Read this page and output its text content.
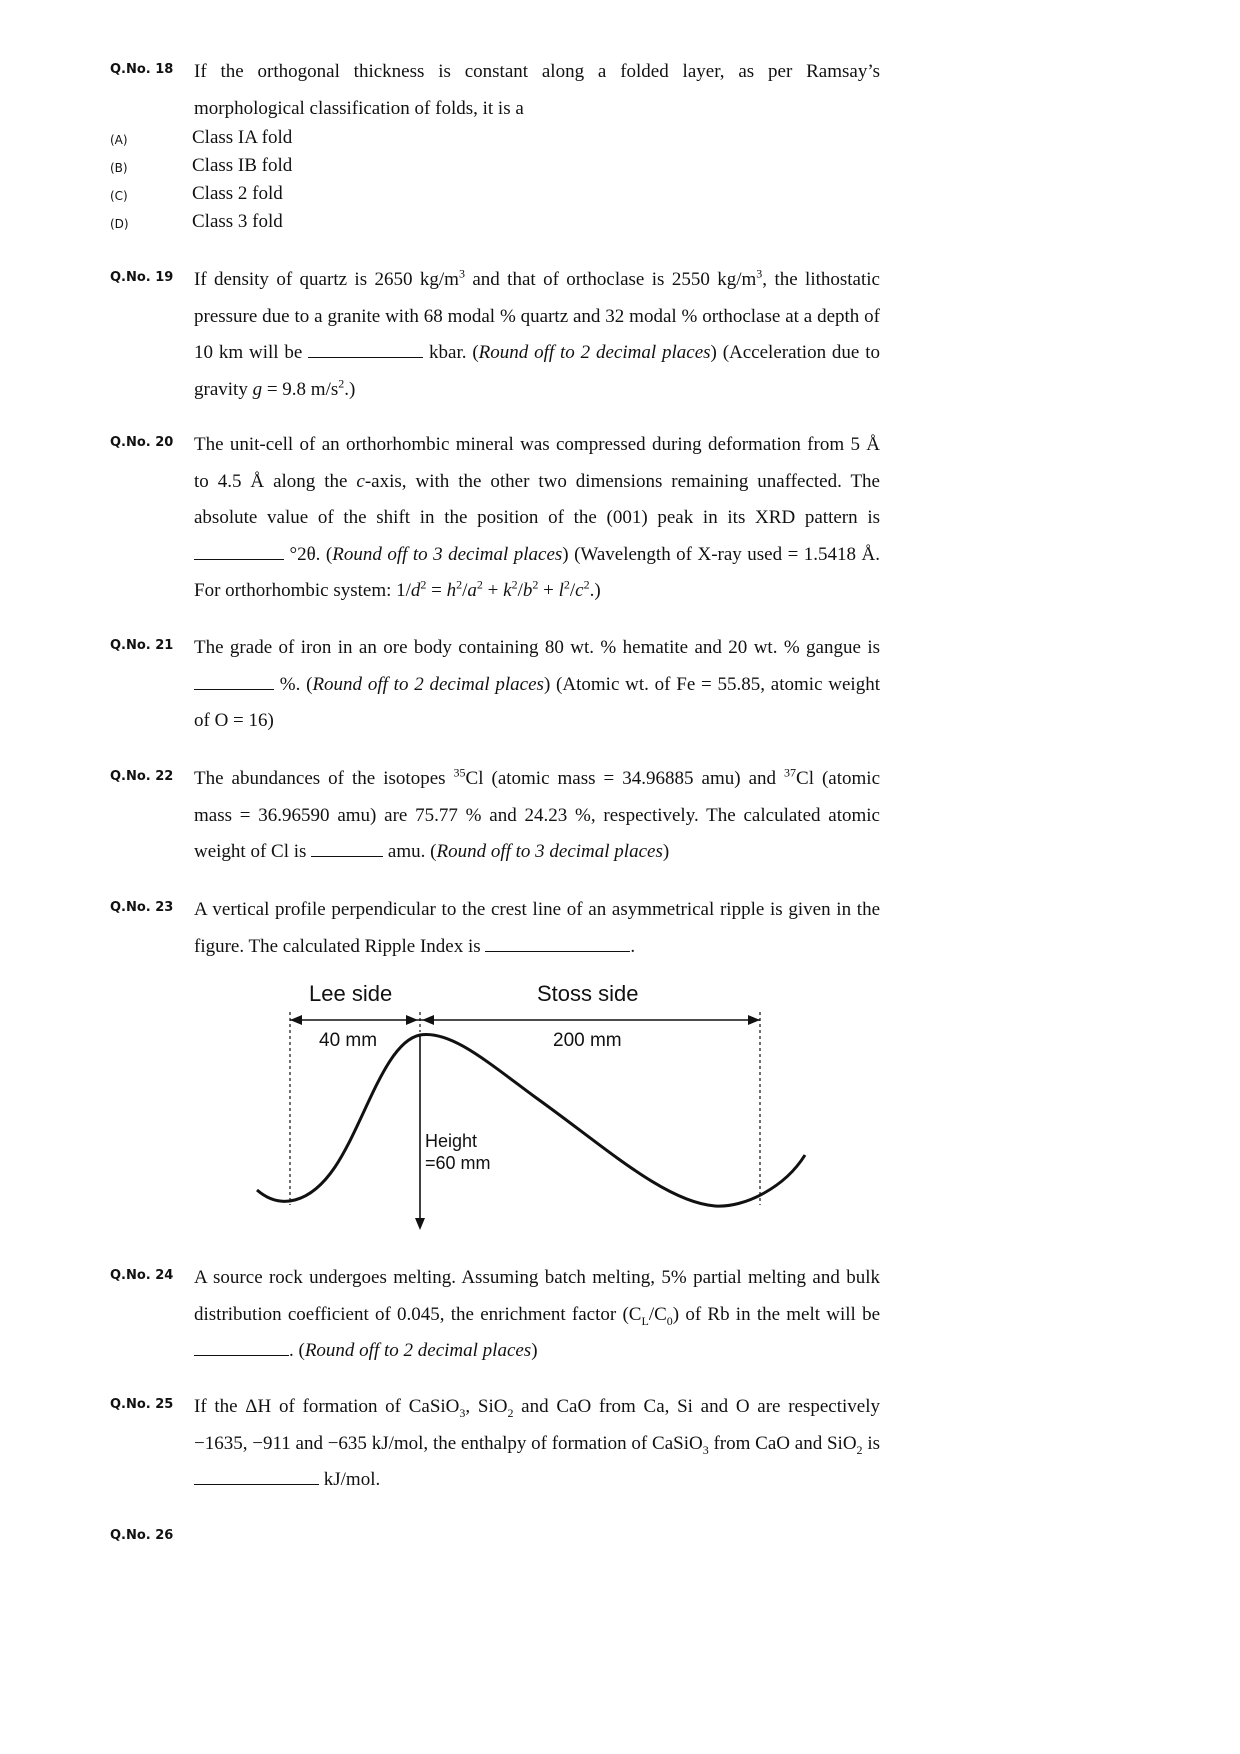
Q.No. 18	If the orthogonal thickness is constant along a folded layer, as per Ramsay’s morphological classification of folds, it is a
(A)	Class IA fold
(B)	Class IB fold
(C)	Class 2 fold
(D)	Class 3 fold
Q.No. 19	If density of quartz is 2650 $kg/m^3$ and that of orthoclase is 2550 $kg/m^3$, the lithostatic pressure due to a granite with 68 modal % quartz and 32 modal % orthoclase at a depth of 10 km will be	kbar. (Round off to 2 decimal places) (Acceleration due to gravity g = 9.8 $m/s^2$.)
Q.No. 20	The unit-cell of an orthorhombic mineral was compressed during deformation from 5 Å to 4.5 Å along the c-axis, with the other two dimensions remaining unaffected. The absolute value of the shift in the position of the (001) peak in its XRD pattern is  °2θ. (Round off to 3 decimal places) (Wavelength of X-ray used = 1.5418 Å. For orthorhombic system: $1/d^2 = h^2/a^2 + k^2/b^2 + l^2/c^2$.)
Q.No. 21	The grade of iron in an ore body containing 80 wt. % hematite and 20 wt. % gangue is  %. (Round off to 2 decimal places) (Atomic wt. of Fe = 55.85, atomic weight of O = 16)
Q.No. 22	The abundances of the isotopes $^{35}$Cl (atomic mass = 34.96885 amu) and $^{37}$Cl (atomic mass = 36.96590 amu) are 75.77 % and 24.23 %, respectively. The calculated atomic weight of Cl is	amu. (Round off to 3 decimal places)
Q.No. 23	A vertical profile perpendicular to the crest line of an asymmetrical ripple is given in the figure. The calculated Ripple Index is	.
Lee side	Stoss side
40 mm	200 mm
Height
=60 mm
Q.No. 24	A source rock undergoes melting. Assuming batch melting, 5% partial melting and bulk distribution coefficient of 0.045, the enrichment factor $(C_L/C_0)$ of Rb in the melt will be . (Round off to 2 decimal places)
Q.No. 25	If the ΔH of formation of CaSiO$_3$, SiO$_2$ and CaO from Ca, Si and O are respectively −1635, −911 and −635 kJ/mol, the enthalpy of formation of CaSiO$_3$ from CaO and SiO$_2$ is  kJ/mol.
Q.No. 26
